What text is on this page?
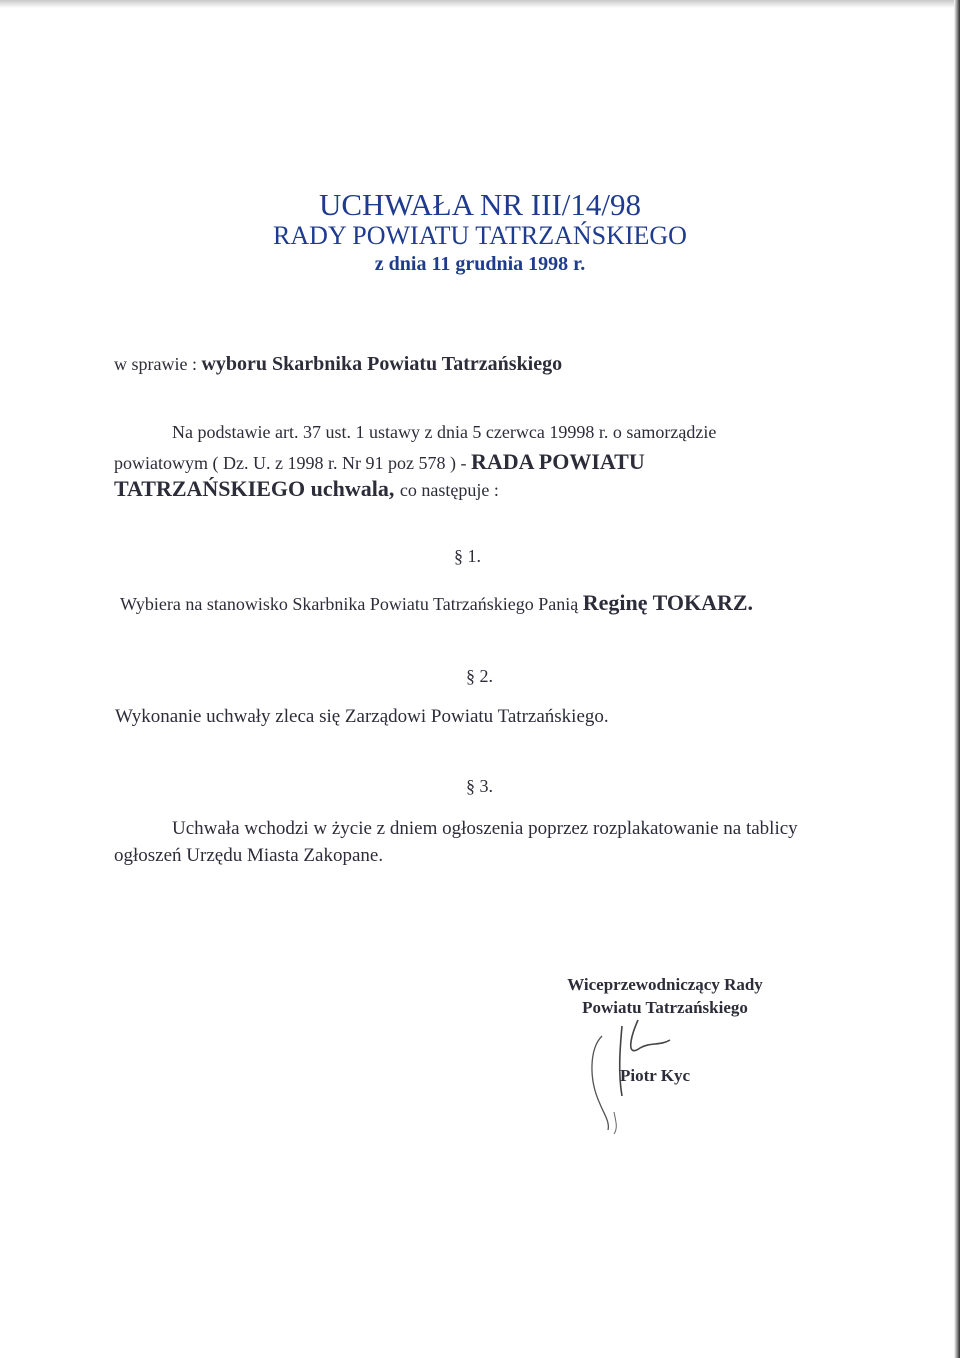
UCHWAŁA NR III/14/98
RADY POWIATU TATRZAŃSKIEGO
z dnia 11 grudnia 1998 r.
w sprawie : wyboru Skarbnika Powiatu Tatrzańskiego
Na podstawie art. 37 ust. 1 ustawy z dnia 5 czerwca 19998 r. o samorządzie
powiatowym ( Dz. U. z 1998 r. Nr 91 poz 578 ) - RADA POWIATU
TATRZAŃSKIEGO uchwala, co następuje :
§ 1.
Wybiera na stanowisko Skarbnika Powiatu Tatrzańskiego Panią Reginę TOKARZ.
§ 2.
Wykonanie uchwały zleca się Zarządowi Powiatu Tatrzańskiego.
§ 3.
Uchwała wchodzi w życie z dniem ogłoszenia poprzez rozplakatowanie na tablicy
ogłoszeń Urzędu Miasta Zakopane.
Wiceprzewodniczący Rady
Powiatu Tatrzańskiego
Piotr Kyc
